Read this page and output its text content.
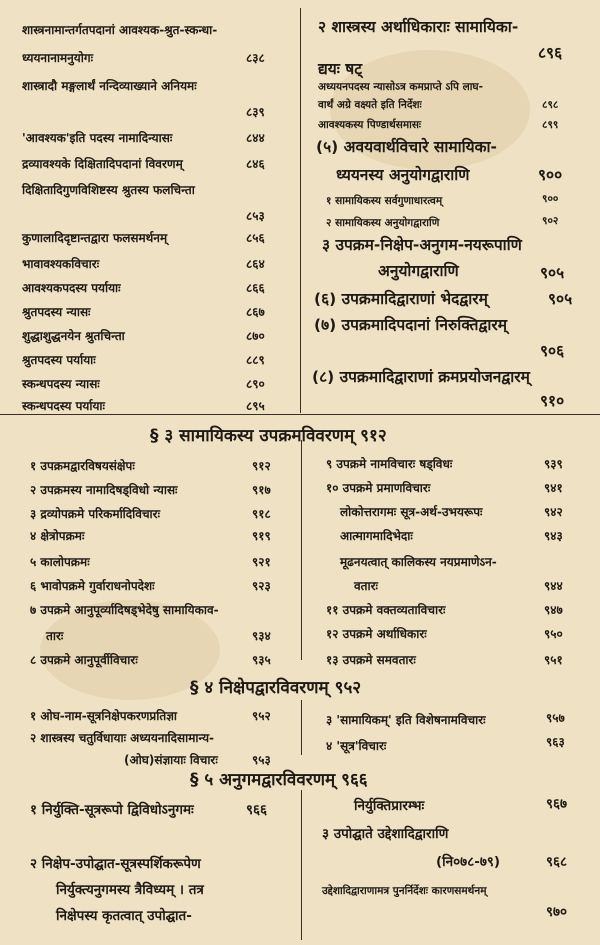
शास्त्रनामान्तर्गतपदानां आवश्यक-श्रुत-स्कन्धा-
ध्ययनानामनुयोगः	८३८
शास्त्रादौ मङ्गलार्थं नन्दिव्याख्याने अनियमः
८३९
'आवश्यक'इति पदस्य नामादिन्यासः	८४४
द्रव्यावश्यके दिक्षितादिपदानां विवरणम्	८४६
दिक्षितादिगुणविशिष्टस्य श्रुतस्य फलचिन्ता
८५३
कुणालादिदृष्टान्तद्वारा फलसमर्थनम्	८५६
भावावश्यकविचारः	८६४
आवश्यकपदस्य पर्यायाः	८६६
श्रुतपदस्य न्यासः	८६७
शुद्धाशुद्धनयेन श्रुतचिन्ता	८७०
श्रुतपदस्य पर्यायाः	८८९
स्कन्धपदस्य न्यासः	८९०
स्कन्धपदस्य पर्यायाः	८९५
२ शास्त्रस्य अर्थाधिकाराः सामायिका-
८९६
द्ययः षट्
अध्ययनपदस्य न्यासोऽत्र कमप्राप्ते ऽपि लाघ-
वार्थं अग्रे वक्ष्यते इति निर्देशः	८९८
आवश्यकस्य पिण्डार्थसमासः	८९९
(५) अवयवार्थविचारे सामायिका-
ध्ययनस्य अनुयोगद्वाराणि	९००
१ सामायिकस्य सर्वगुणाधारत्वम्	९००
२ सामायिकस्य अनुयोगद्वाराणि	९०२
३ उपक्रम-निक्षेप-अनुगम-नयरूपाणि
अनुयोगद्वाराणि	९०५
(६) उपक्रमादिद्वाराणां भेदद्वारम्	९०५
(७) उपक्रमादिपदानां निरुक्तिद्वारम्
९०६
(८) उपक्रमादिद्वाराणां क्रमप्रयोजनद्वारम्
९१०
§ ३ सामायिकस्य उपक्रमविवरणम् ९१२
१ उपक्रमद्वारविषयसंक्षेपः	९१२
२ उपक्रमस्य नामादिषड्विधो न्यासः	९१७
३ द्रव्योपक्रमे परिकर्मादिविचारः	९१८
४ क्षेत्रोपक्रमः	९१९
५ कालोपक्रमः	९२१
६ भावोपक्रमे गुर्वाराधनोपदेशः	९२३
७ उपक्रमे आनुपूर्व्यादिषड्भेदेषु सामायिकाव-
तारः	९३४
८ उपक्रमे आनुपूर्वीविचारः	९३५
९ उपक्रमे नामविचारः षड्विधः	९३९
१० उपक्रमे प्रमाणविचारः	९४१
लोकोत्तरागमः सूत्र-अर्थ-उभयरूपः	९४२
आत्मागमादिभेदाः	९४३
मूढनयत्वात् कालिकस्य नयप्रमाणेऽन-
वतारः	९४४
११ उपक्रमे वक्तव्यताविचारः	९४७
१२ उपक्रमे अर्थाधिकारः	९५०
१३ उपक्रमे समवतारः	९५१
§ ४ निक्षेपद्वारविवरणम् ९५२
१ ओघ-नाम-सूत्रनिक्षेपकरणप्रतिज्ञा	९५२
२ शास्त्रस्य चतुर्विधायाः अध्ययनादिसामान्य-
(ओघ)संज्ञायाः विचारः	९५३
३ 'सामायिकम्' इति विशेषनामविचारः	९५७
४ 'सूत्र'विचारः	९६३
§ ५ अनुगमद्वारविवरणम् ९६६
१ निर्युक्ति-सूत्ररूपो द्विविधोऽनुगमः	९६६
२ निक्षेप-उपोद्घात-सूत्रस्पर्शिकरूपेण
निर्युक्त्यनुगमस्य त्रैविध्यम् । तत्र
निक्षेपस्य कृतत्वात् उपोद्घात-
निर्युक्तिप्रारम्भः	९६७
३ उपोद्घाते उद्देशादिद्वाराणि
(नि०७८-७९)	९६८
उद्देशादिद्वाराणामत्र पुनर्निर्देशः कारणसमर्थनम्
९७०
